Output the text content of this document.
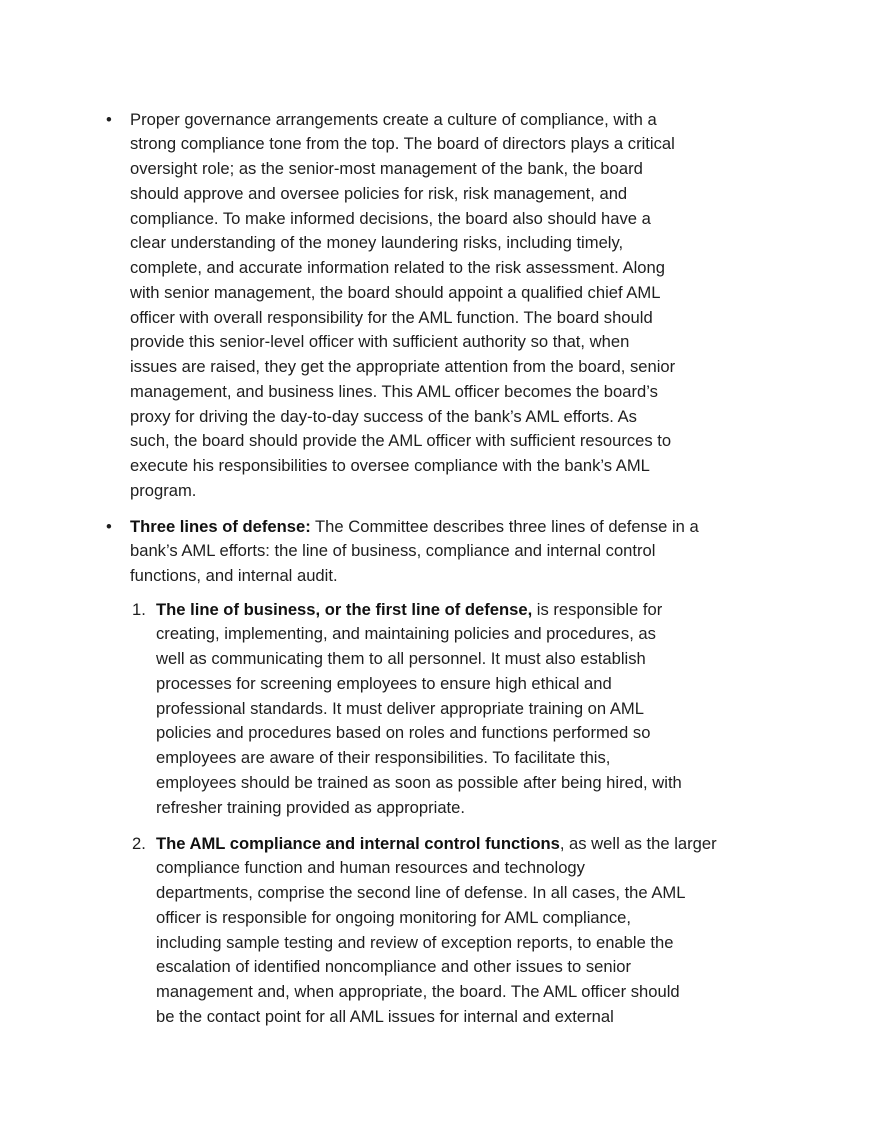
• Proper governance arrangements create a culture of compliance, with a
strong compliance tone from the top. The board of directors plays a critical
oversight role; as the senior-most management of the bank, the board
should approve and oversee policies for risk, risk management, and
compliance. To make informed decisions, the board also should have a
clear understanding of the money laundering risks, including timely,
complete, and accurate information related to the risk assessment. Along
with senior management, the board should appoint a qualified chief AML
officer with overall responsibility for the AML function. The board should
provide this senior-level officer with sufficient authority so that, when
issues are raised, they get the appropriate attention from the board, senior
management, and business lines. This AML officer becomes the board’s
proxy for driving the day-to-day success of the bank’s AML efforts. As
such, the board should provide the AML officer with sufficient resources to
execute his responsibilities to oversee compliance with the bank’s AML
program.
• Three lines of defense: The Committee describes three lines of defense in a
bank’s AML efforts: the line of business, compliance and internal control
functions, and internal audit.
1. The line of business, or the first line of defense, is responsible for
creating, implementing, and maintaining policies and procedures, as
well as communicating them to all personnel. It must also establish
processes for screening employees to ensure high ethical and
professional standards. It must deliver appropriate training on AML
policies and procedures based on roles and functions performed so
employees are aware of their responsibilities. To facilitate this,
employees should be trained as soon as possible after being hired, with
refresher training provided as appropriate.
2. The AML compliance and internal control functions, as well as the larger
compliance function and human resources and technology
departments, comprise the second line of defense. In all cases, the AML
officer is responsible for ongoing monitoring for AML compliance,
including sample testing and review of exception reports, to enable the
escalation of identified noncompliance and other issues to senior
management and, when appropriate, the board. The AML officer should
be the contact point for all AML issues for internal and external
